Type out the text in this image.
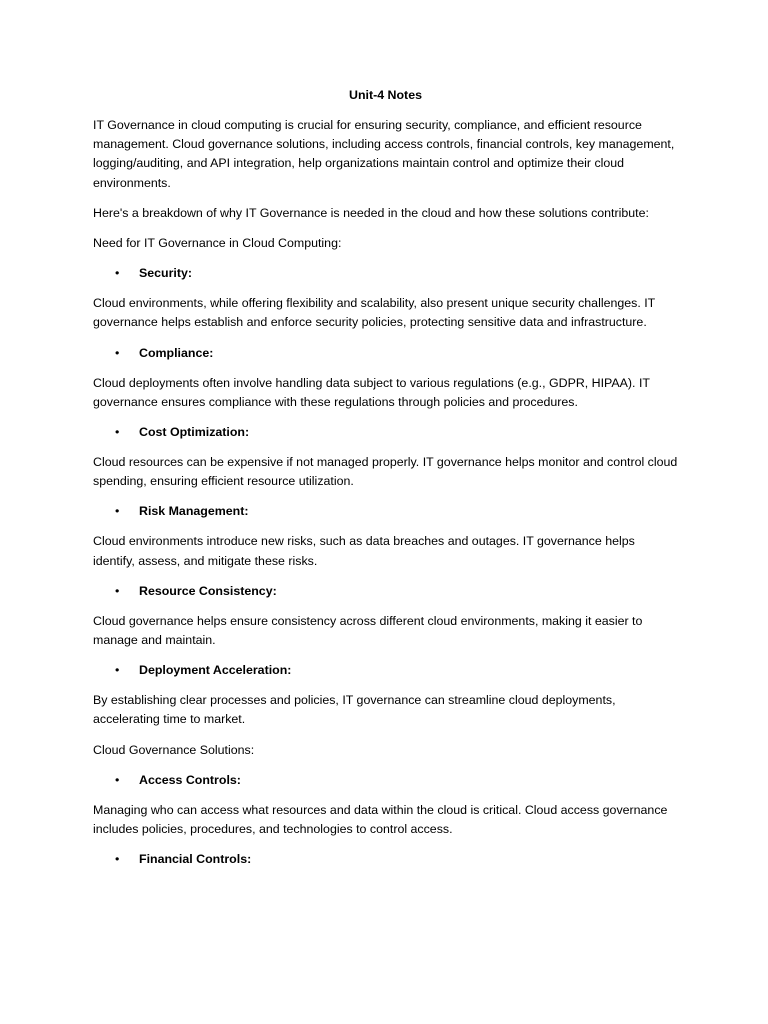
Unit-4 Notes

IT Governance in cloud computing is crucial for ensuring security, compliance, and efficient resource management. Cloud governance solutions, including access controls, financial controls, key management, logging/auditing, and API integration, help organizations maintain control and optimize their cloud environments.

Here's a breakdown of why IT Governance is needed in the cloud and how these solutions contribute:

Need for IT Governance in Cloud Computing:

• Security:

Cloud environments, while offering flexibility and scalability, also present unique security challenges. IT governance helps establish and enforce security policies, protecting sensitive data and infrastructure.

• Compliance:

Cloud deployments often involve handling data subject to various regulations (e.g., GDPR, HIPAA). IT governance ensures compliance with these regulations through policies and procedures.

• Cost Optimization:

Cloud resources can be expensive if not managed properly. IT governance helps monitor and control cloud spending, ensuring efficient resource utilization.

• Risk Management:

Cloud environments introduce new risks, such as data breaches and outages. IT governance helps identify, assess, and mitigate these risks.

• Resource Consistency:

Cloud governance helps ensure consistency across different cloud environments, making it easier to manage and maintain.

• Deployment Acceleration:

By establishing clear processes and policies, IT governance can streamline cloud deployments, accelerating time to market.

Cloud Governance Solutions:

• Access Controls:

Managing who can access what resources and data within the cloud is critical. Cloud access governance includes policies, procedures, and technologies to control access.

• Financial Controls:
